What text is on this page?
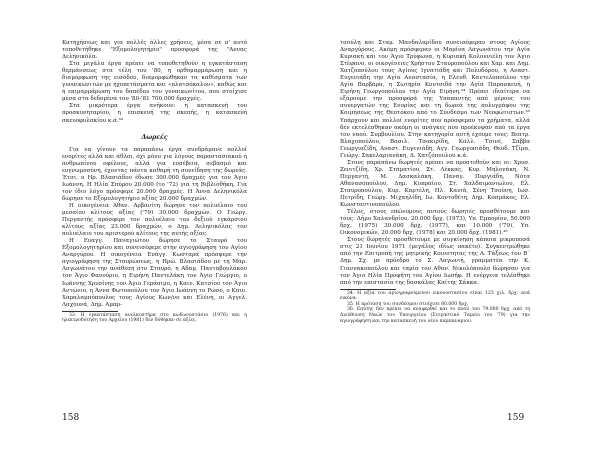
Κατηχήσεως και για πολλές άλλες χρήσεις, μέσα σε σ' αυτό τοποθετήθηκε "Εξομολογητήριο" προσφορά της "Αννας Δεληνικόλα.

Στα μεγάλα έργα πρέπει να τοποθετηθούν η εγκατάσταση θερμάνσεως στα τέλη του '80, η ορθομαρμάρωση και η διαμόρφωση της εισόδου, διαμορφώθηκαν τα καθίσματα των γυναικωνιτών με ηχοπετάσματα και «πλατσόκαλον», καθώς και η επιμαρμάρωση του δαπέδου του γυναικωνίτου, που στοίχισε μέσα στα δεδομένα του '80-'81 700.000 δραχμές.

Στα μικρότερα έργα ανήκουν: η κατασκευή του προσκυνηταρίου, η επισκευή της σκεπής, η κατασκευή σκευοφυλακίου κ.ά.³³

Δωρεές

Για να γίνουν τα παραπάνω έργα συνδράμανε πολλοί ενορίτες αλλά και άθλοι, όχι μόνο για λόγους παραστασιακού ή ανθρωπίνου οφέλους, αλλά για ευσέβεια, σεβασμό και ευγνωμοσύνη, έχοντας πάντα καθαρή τη συνείδηση της δωρεάς. Έτσι, ο Ηρ. Βλασιάδου έδωσε 300.000 δραχμές για τον Άγιο Ιωάννη. Η Ηλία Σπύρου 20.000 (το '72) για τη Βιβλιοθήκη. Για τον ίδιο λόγο πρόσφερε 20.000 δραχμές. Η Άννα Δεληνικόλα δώρησε το Εξομολογητήριο αξίας 20.000 δραχμών.

Η οικογένεια Αθαν. Αρβανίτη δώρησε τον πολυέλαιο του μεσαίου κλίτους αξίας ('79) 30.000 δραχμών. Ο Γεώργ. Περγαντής πρόσφερε τον πολυέλαιο του δεξιού εγκάρσιου κλίτους αξίας 23.000 δραχμών, ο Δημ. Δεληνικόλας τον πολυέλαιο του αριστερού κλίτους της αυτής αξίας.

Η Ευαγγ. Παναγιώτου δώρησε το Σταυρό του Εξομολογητηρίου και συνεισέφερε στην αγιογράφηση του Αγίου Αναργύρου. Η οικογένεια Ευάγγ. Κωσταρά πρόσφερε την αγιογράφηση της Σταυρώσεως, η Ηρώ. Βλασιάδου με τη Μαρ. Λαγωνάτου την ανάθεση στο Σταυρό, η Αδαμ. Πανταβουλάκου τον Άγιο Φανούριο, η Ειρήνη Παντελάκη τον Άγιο Γεώργιο, ο Ιωάννης Χρυσίνης τον Άγιο Γεράσιμο, η Καιν. Κατσίου τον Άγιο Αντώνιο, η Άννα Φωτοπούλου τον Άγιο Ιωάννη το Ρώσο, ο Καιν. Χαραλαμπόπουλος τους Αγίους Κων/νο και Ελένη, οι Αγγελ. Λαχουνά, Δημ. Αμαρ-

33. Η εγκατάσταση ανελκυστήρα στο κωδωνοστάσιο (1976) και η ηλεκτροδότηση του Αρχείου (1981) δεν δόθηκαν σε αξίες.

158

τσούλη και Σταμ. Μανδαλαρίδου συνεισέφεραν στους Αγίους Αναργύρους. Ακόμη πρόσφεραν οι Μαρίνα Λαγωνάτου την Αγία Κυριακή και τον Άγιο Τρύφωνα, η Κυριακή Κολοννιέλη τον Άγιο Στέφανο, οι οικογένειες Χρήστου Σταυροπούλου και Χαρ. και Δημ. Χατζοπούλου τους Αγίους Ιγνατιάδη και Πολυδόρου, η Αναστ. Ευγενιάδη την Αγία Αναστασία, η Ελευθ. Καντελοπούλου την Αγία Βαρβάρα, η Σωτηρία Κουτσιδά την Αγία Παρασκευή, η Ειρήνη Γεωργοπούλου την Αγία Ειρήνη.³⁴ Πρέπει ιδιαίτερα να εξάρουμε την προσφορά της Υπαπαντής από μέρους του συνεργατών της Ενορίας και τη δωρεά της πολυγράφου της Κοιμήσεως της Θεοτόκου από το Σύνδεσμο των Νεοφώτιστων.³⁵ Υπάρχουν και πολλοί ενορίτες που πρόσφεραν τα χρήματα, αλλά δεν εκτελέσθηκαν ακόμη οι ανάγκες που προέκυψαν από τα έργα του ναού. Συμβουλίου. Στην κατηγορία αυτή έχουμε τους: Βεατρ. Βλαχοπούλου, Βασιλ. Τσακιρίδη, Καλλ. Τσινέ, Σάββα Γεωργιαζίδη, Αναστ. Ευγενιάδη, Αγγ. Γεωργοπιάδη, Θεοδ. Τζίμα, Γεώργ. Σακελαριανάκη, Δ. Χατζόπουλου κ.ά.

Στους παραπάνω δωρητές πρέπει να προστεθούν και οι: Χρυσ. Ζενιτζίδη, Χρ. Σταματίου, Στ. Λέκκας, Κυρ. Μηλονάκη, Ν. Περγαντή, Μ. Δασκαλάκη, Παναγ. Πυργιάδη, Νότα Αθανασοπούλου, Δημ. Κυπραίου, Στ. Χαλδαιμανιώλου, Ελ. Σταυροπούλου, Κυρ. Καρτέλη, Ηλ. Κανιά, Σένη Τσούνη, Ιωσ. Πετρίδη, Γεώργ. Μιχαηλίδη, Ιω. Κοντοθέτη, Δημ. Κοσμάκος, Ελ. Κωνσταντινοπούλου.

Τέλος, στους επώνυμους αυτούς δωρητές προσθέτουμε και τους: Δήμο Χαλανδρίου, 20.000 δρχ. (1973), Υπ. Εμπορίου, 50.000 δρχ. (1975) 30.000 δρχ. (1977), και 10.000 ('79), Υπ. Οικονομικών, 20.000 δρχ. (1978) και 20.000 δρχ. (1981).³⁶

Στους δωρητές προσθέτουμε με συγκίνηση κάποια μικροποσά στις 21 Ιουνίου 1971 (μεγάλος ιδίως πακέτο). Συγκεντρώθηκε από την Επιτροπή της μητρικής Κοινοτητας της Α. Τάξεως του Β΄ Δημ. Σχ. με πρόεδρο το Σ. Λαγωνιή, γραμματέα την Κ. Γιαννακοπούλου και ταμία τον Αθαν. Νικολόπουλο δώρησαν για τον Άγιο Ηλία Προφήτη του Αγίου Ιωσήφ. Η ενέργεια τελέσθηκε από την επιστασία της δασκάλας Καίτης Σάκκα.

34. Η αξία του αγιογραφούμενου εικονοστασίου είναι 125 χιλ. δρχ. ανά εικόνα.

35. Η πρόταση του συνδέσμου στοίχισε 80.000 δρχ.

36. Επίσης δεν πρέπει να αναφερθεί και το ποσό του 79.000 δρχ. από τη Διεύθυνση Ναών του Υπουργείου (Στεγαστικό Ταμείο του '79) για την αγιογράφηση και την κατασκευή του νέου καμπαναριού.

159
